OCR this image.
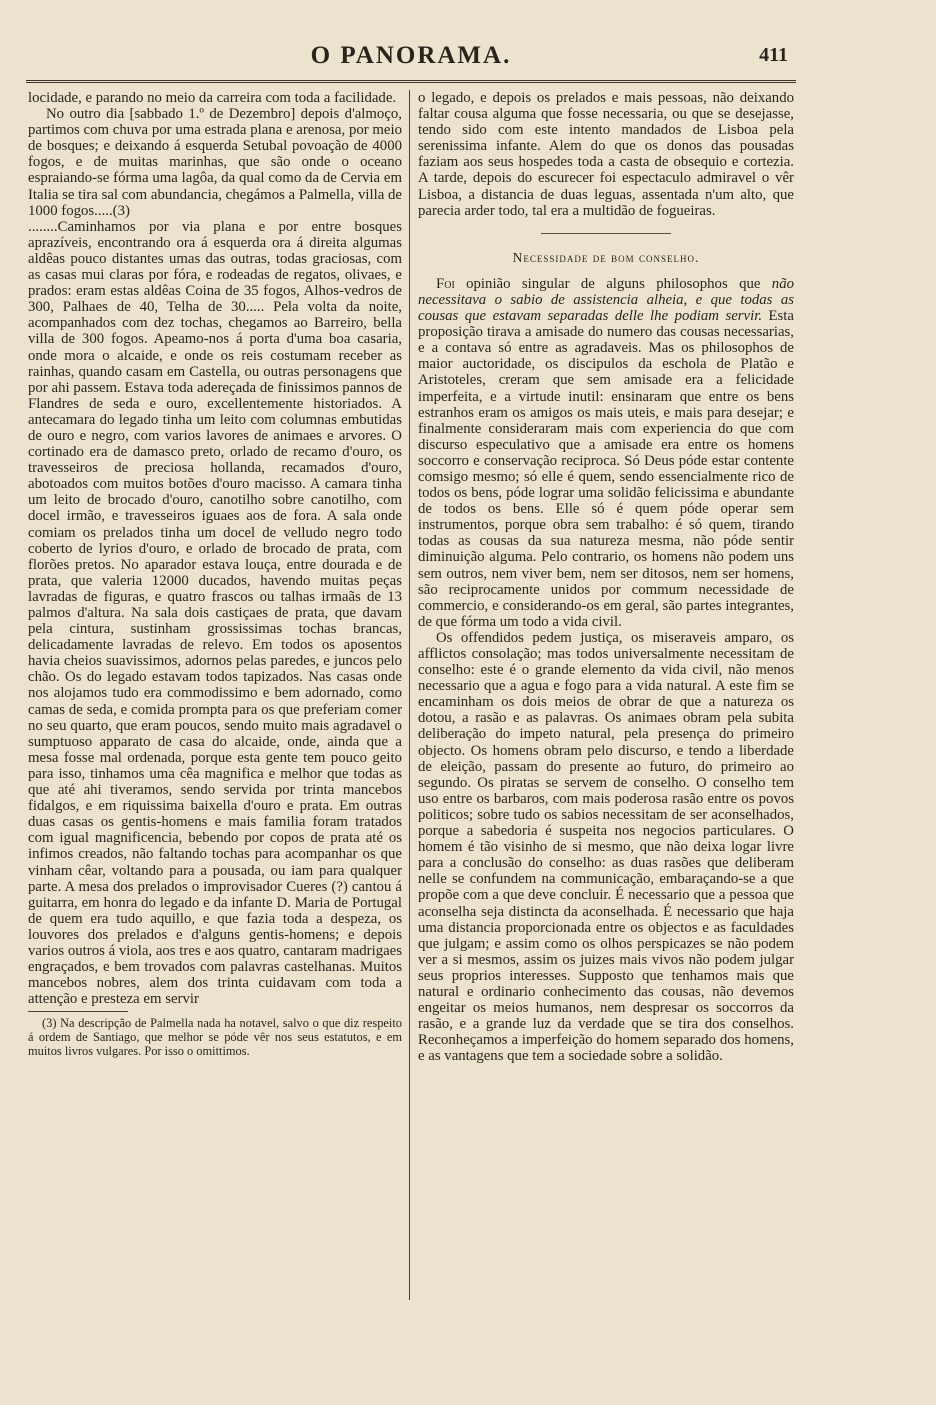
O PANORAMA.	411

locidade, e parando no meio da carreira com toda a facilidade.

No outro dia [sabbado 1.º de Dezembro] depois d'almoço, partimos com chuva por uma estrada plana e arenosa, por meio de bosques; e deixando á esquerda Setubal povoação de 4000 fogos, e de muitas marinhas, que são onde o oceano espraiando-se fórma uma lagôa, da qual como da de Cervia em Italia se tira sal com abundancia, chegámos a Palmella, villa de 1000 fogos.....(3)

........Caminhamos por via plana e por entre bosques aprazíveis, encontrando ora á esquerda ora á direita algumas aldêas pouco distantes umas das outras, todas graciosas, com as casas mui claras por fóra, e rodeadas de regatos, olivaes, e prados: eram estas aldêas Coina de 35 fogos, Alhos-vedros de 300, Palhaes de 40, Telha de 30..... Pela volta da noite, acompanhados com dez tochas, chegamos ao Barreiro, bella villa de 300 fogos. Apeamo-nos á porta d'uma boa casaria, onde mora o alcaide, e onde os reis costumam receber as rainhas, quando casam em Castella, ou outras personagens que por ahi passem. Estava toda adereçada de finissimos pannos de Flandres de seda e ouro, excellentemente historiados. A antecamara do legado tinha um leito com columnas embutidas de ouro e negro, com varios lavores de animaes e arvores. O cortinado era de damasco preto, orlado de recamo d'ouro, os travesseiros de preciosa hollanda, recamados d'ouro, abotoados com muitos botões d'ouro macisso. A camara tinha um leito de brocado d'ouro, canotilho sobre canotilho, com docel irmão, e travesseiros iguaes aos de fora. A sala onde comiam os prelados tinha um docel de velludo negro todo coberto de lyrios d'ouro, e orlado de brocado de prata, com florões pretos. No aparador estava louça, entre dourada e de prata, que valeria 12000 ducados, havendo muitas peças lavradas de figuras, e quatro frascos ou talhas irmaãs de 13 palmos d'altura. Na sala dois castiçaes de prata, que davam pela cintura, sustinham grossissimas tochas brancas, delicadamente lavradas de relevo. Em todos os aposentos havia cheios suavissimos, adornos pelas paredes, e juncos pelo chão. Os do legado estavam todos tapizados. Nas casas onde nos alojamos tudo era commodissimo e bem adornado, como camas de seda, e comida prompta para os que preferiam comer no seu quarto, que eram poucos, sendo muito mais agradavel o sumptuoso apparato de casa do alcaide, onde, ainda que a mesa fosse mal ordenada, porque esta gente tem pouco geito para isso, tinhamos uma cêa magnifica e melhor que todas as que até ahi tiveramos, sendo servida por trinta mancebos fidalgos, e em riquissima baixella d'ouro e prata. Em outras duas casas os gentis-homens e mais familia foram tratados com igual magnificencia, bebendo por copos de prata até os infimos creados, não faltando tochas para acompanhar os que vinham cêar, voltando para a pousada, ou iam para qualquer parte. A mesa dos prelados o improvisador Cueres (?) cantou á guitarra, em honra do legado e da infante D. Maria de Portugal de quem era tudo aquillo, e que fazia toda a despeza, os louvores dos prelados e d'alguns gentis-homens; e depois varios outros á viola, aos tres e aos quatro, cantaram madrigaes engraçados, e bem trovados com palavras castelhanas. Muitos mancebos nobres, alem dos trinta cuidavam com toda a attenção e presteza em servir

(3) Na descripção de Palmella nada ha notavel, salvo o que diz respeito á ordem de Santiago, que melhor se póde vêr nos seus estatutos, e em muitos livros vulgares. Por isso o omittimos.

o legado, e depois os prelados e mais pessoas, não deixando faltar cousa alguma que fosse necessaria, ou que se desejasse, tendo sido com este intento mandados de Lisboa pela serenissima infante. Alem do que os donos das pousadas faziam aos seus hospedes toda a casta de obsequio e cortezia. A tarde, depois do escurecer foi espectaculo admiravel o vêr Lisboa, a distancia de duas leguas, assentada n'um alto, que parecia arder todo, tal era a multidão de fogueiras.

Necessidade de bom conselho.

Foi opinião singular de alguns philosophos que não necessitava o sabio de assistencia alheia, e que todas as cousas que estavam separadas delle lhe podiam servir. Esta proposição tirava a amisade do numero das cousas necessarias, e a contava só entre as agradaveis. Mas os philosophos de maior auctoridade, os discipulos da escholа de Platão e Aristoteles, creram que sem amisade era a felicidade imperfeita, e a virtude inutil: ensinaram que entre os bens estranhos eram os amigos os mais uteis, e mais para desejar; e finalmente consideraram mais com experiencia do que com discurso especulativo que a amisade era entre os homens soccorro e conservação reciproca. Só Deus póde estar contente comsigo mesmo; só elle é quem, sendo essencialmente rico de todos os bens, póde lograr uma solidão felicissima e abundante de todos os bens. Elle só é quem póde operar sem instrumentos, porque obra sem trabalho: é só quem, tirando todas as cousas da sua natureza mesma, não póde sentir diminuição alguma. Pelo contrario, os homens não podem uns sem outros, nem viver bem, nem ser ditosos, nem ser homens, são reciprocamente unidos por commum necessidade de commercio, e considerando-os em geral, são partes integrantes, de que fórma um todo a vida civil.

Os offendidos pedem justiça, os miseraveis amparo, os afflictos consolação; mas todos universalmente necessitam de conselho: este é o grande elemento da vida civil, não menos necessario que a agua e fogo para a vida natural. A este fim se encaminham os dois meios de obrar de que a natureza os dotou, a rasão e as palavras. Os animaes obram pela subita deliberação do impeto natural, pela presença do primeiro objecto. Os homens obram pelo discurso, e tendo a liberdade de eleição, passam do presente ao futuro, do primeiro ao segundo. Os piratas se servem de conselho. O conselho tem uso entre os barbaros, com mais poderosa rasão entre os povos politicos; sobre tudo os sabios necessitam de ser aconselhados, porque a sabedoria é suspeita nos negocios particulares. O homem é tão visinho de si mesmo, que não deixa logar livre para a conclusão do conselho: as duas rasões que deliberam nelle se confundem na communicação, embaraçando-se a que propõe com a que deve concluir. É necessario que a pessoa que aconselha seja distincta da aconselhada. É necessario que haja uma distancia proporcionada entre os objectos e as faculdades que julgam; e assim como os olhos perspicazes se não podem ver a si mesmos, assim os juizes mais vivos não podem julgar seus proprios interesses. Supposto que tenhamos mais que natural e ordinario conhecimento das cousas, não devemos engeitar os meios humanos, nem despresar os soccorros da rasão, e a grande luz da verdade que se tira dos conselhos. Reconheçamos a imperfeição do homem separado dos homens, e as vantagens que tem a sociedade sobre a solidão.
